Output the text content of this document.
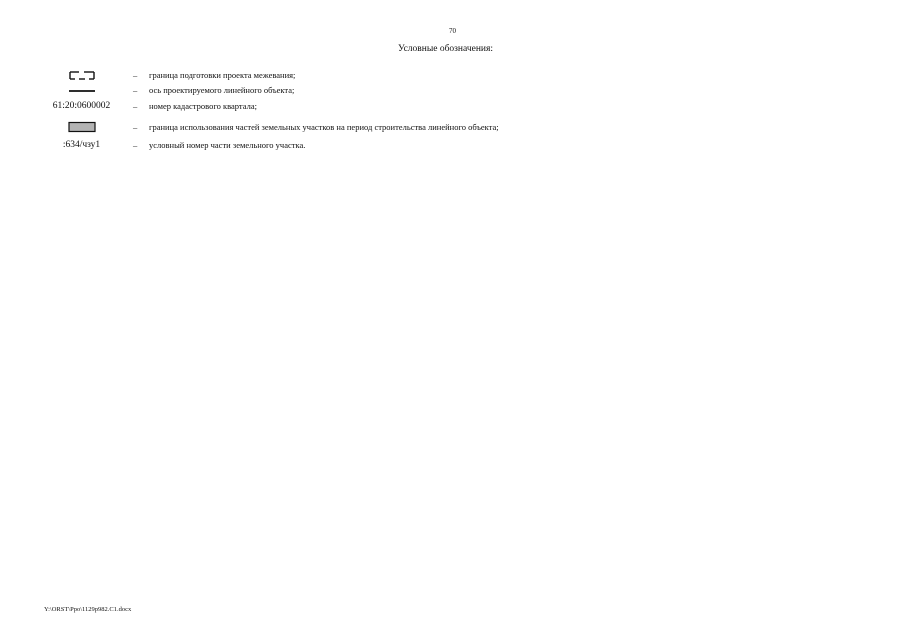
70
Условные обозначения:
– граница подготовки проекта межевания;
– ось проектируемого линейного объекта;
61:20:0600002	– номер кадастрового квартала;
– граница использования частей земельных участков на период строительства линейного объекта;
:634/чзу1	– условный номер части земельного участка.
Y:\ORST\Ppo\1129p982.C1.docx
